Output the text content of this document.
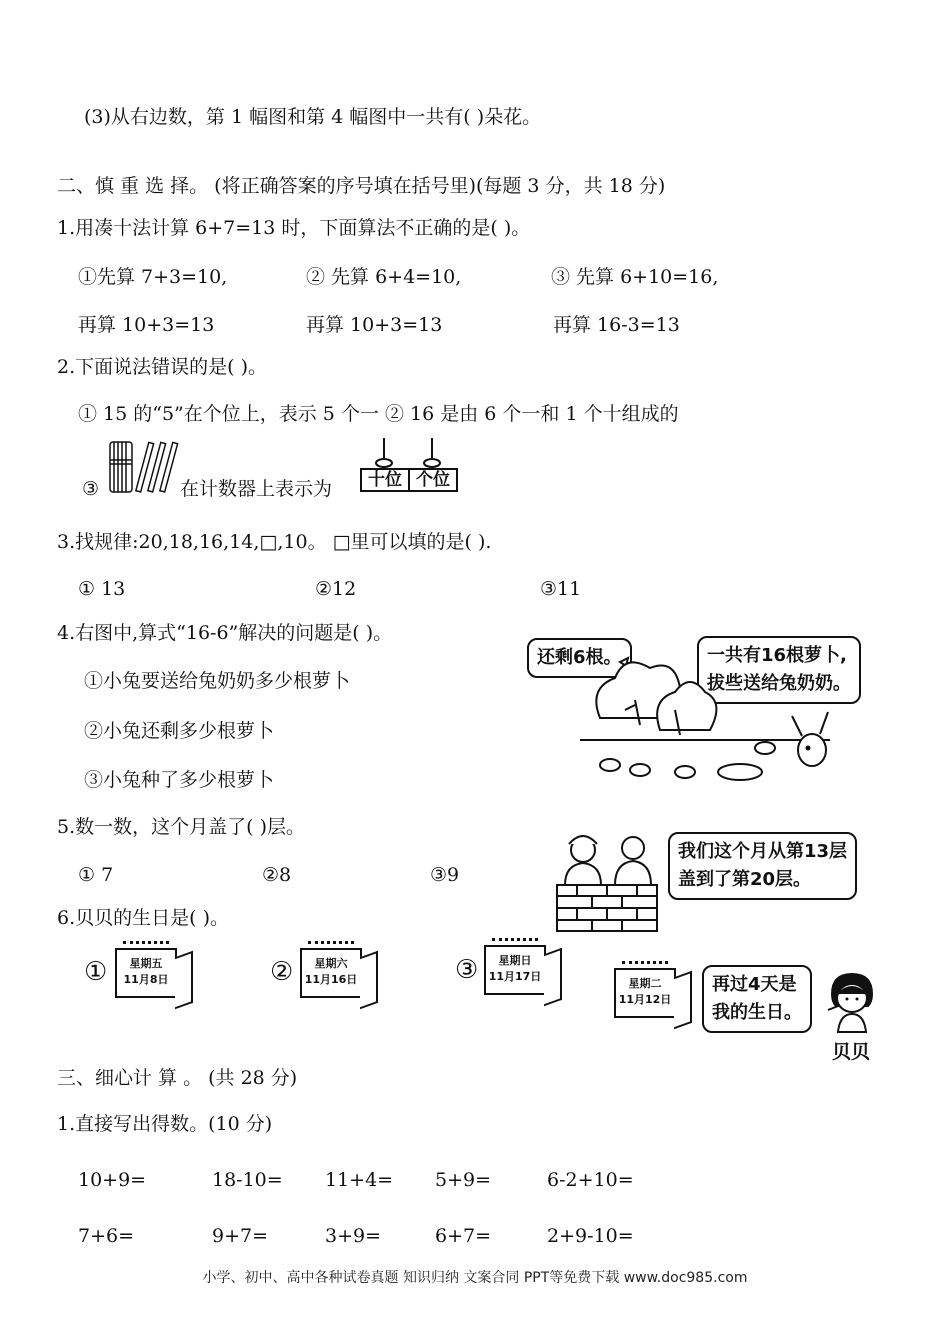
(3)从右边数，第 1 幅图和第 4 幅图中一共有( )朵花。
二、慎 重 选 择。 (将正确答案的序号填在括号里)(每题 3 分，共 18 分)
1.用凑十法计算 6+7=13 时，下面算法不正确的是( )。
①先算 7+3=10,
再算 10+3=13
② 先算 6+4=10,
再算 10+3=13
③ 先算 6+10=16,
再算 16-3=13
2.下面说法错误的是( )。
① 15 的“5”在个位上，表示 5 个一 ② 16 是由 6 个一和 1 个十组成的
③	在计数器上表示为	十位 个位
3.找规律:20,18,16,14,□,10。 □里可以填的是( ).
① 13	②12	③11
4.右图中,算式“16-6”解决的问题是( )。
①小兔要送给兔奶奶多少根萝卜
②小兔还剩多少根萝卜
③小兔种了多少根萝卜
还剩6根。	一共有16根萝卜,
拔些送给兔奶奶。
5.数一数，这个月盖了( )层。
① 7	②8	③9
我们这个月从第13层
盖到了第20层。
6.贝贝的生日是( )。
①	星期五
11月8日	②	星期六
11月16日	③	星期日
11月17日
星期二
11月12日
再过4天是
我的生日。
贝贝
三、细心计 算 。 (共 28 分)
1.直接写出得数。(10 分)
10+9=	18-10= 11+4= 5+9=	6-2+10=
7+6=	9+7=	3+9=	6+7=	2+9-10=
小学、初中、高中各种试卷真题 知识归纳 文案合同 PPT等免费下载 www.doc985.com
